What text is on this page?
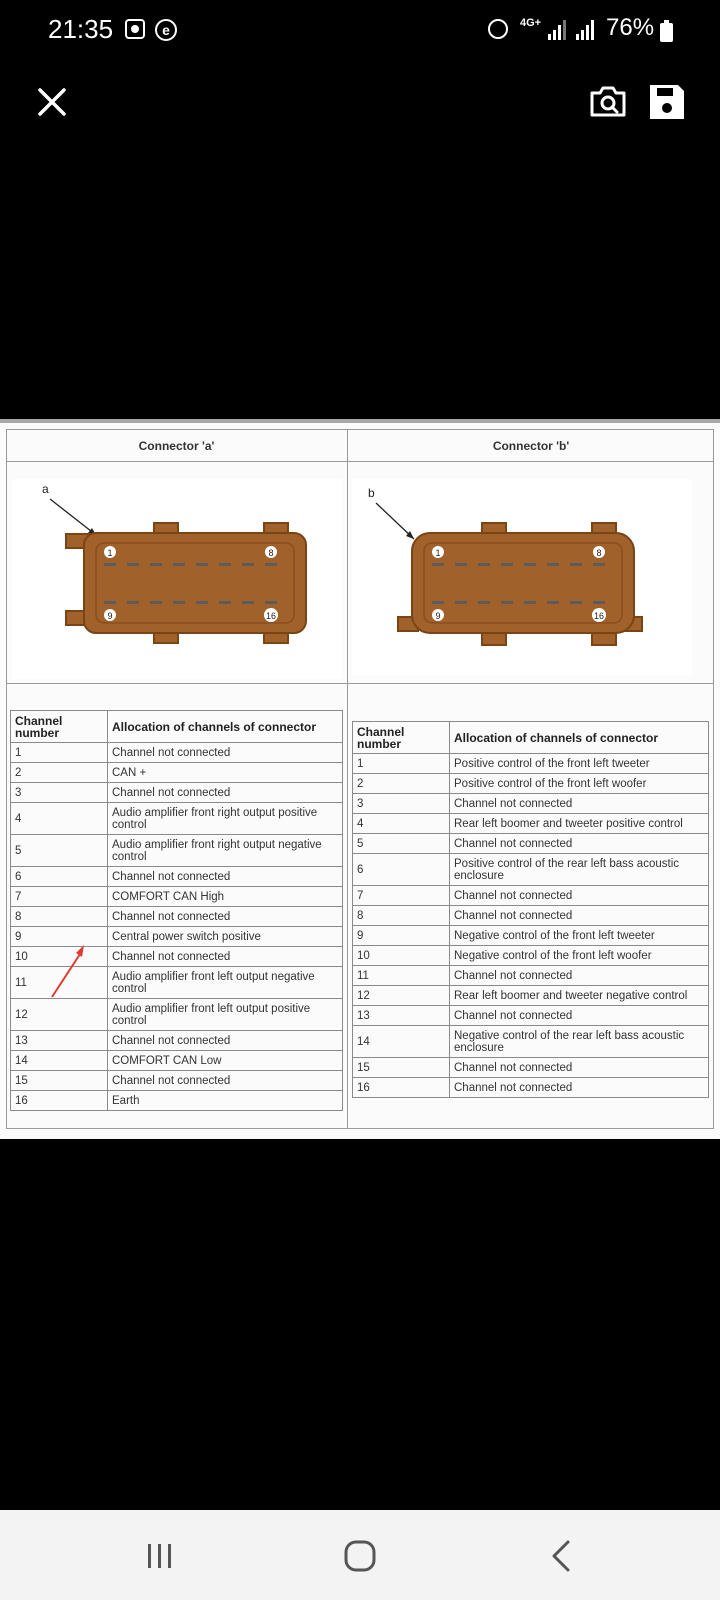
21:35	e	4G+	76%
Connector 'a'	Connector 'b'
a
1	8
9	16
b
1	8
9	16
Channel number	Allocation of channels of connector
1	Channel not connected
2	CAN +
3	Channel not connected
4	Audio amplifier front right output positive control
5	Audio amplifier front right output negative control
6	Channel not connected
7	COMFORT CAN High
8	Channel not connected
9	Central power switch positive
10	Channel not connected
11	Audio amplifier front left output negative control
12	Audio amplifier front left output positive control
13	Channel not connected
14	COMFORT CAN Low
15	Channel not connected
16	Earth
Channel number	Allocation of channels of connector
1	Positive control of the front left tweeter
2	Positive control of the front left woofer
3	Channel not connected
4	Rear left boomer and tweeter positive control
5	Channel not connected
6	Positive control of the rear left bass acoustic enclosure
7	Channel not connected
8	Channel not connected
9	Negative control of the front left tweeter
10	Negative control of the front left woofer
11	Channel not connected
12	Rear left boomer and tweeter negative control
13	Channel not connected
14	Negative control of the rear left bass acoustic enclosure
15	Channel not connected
16	Channel not connected
